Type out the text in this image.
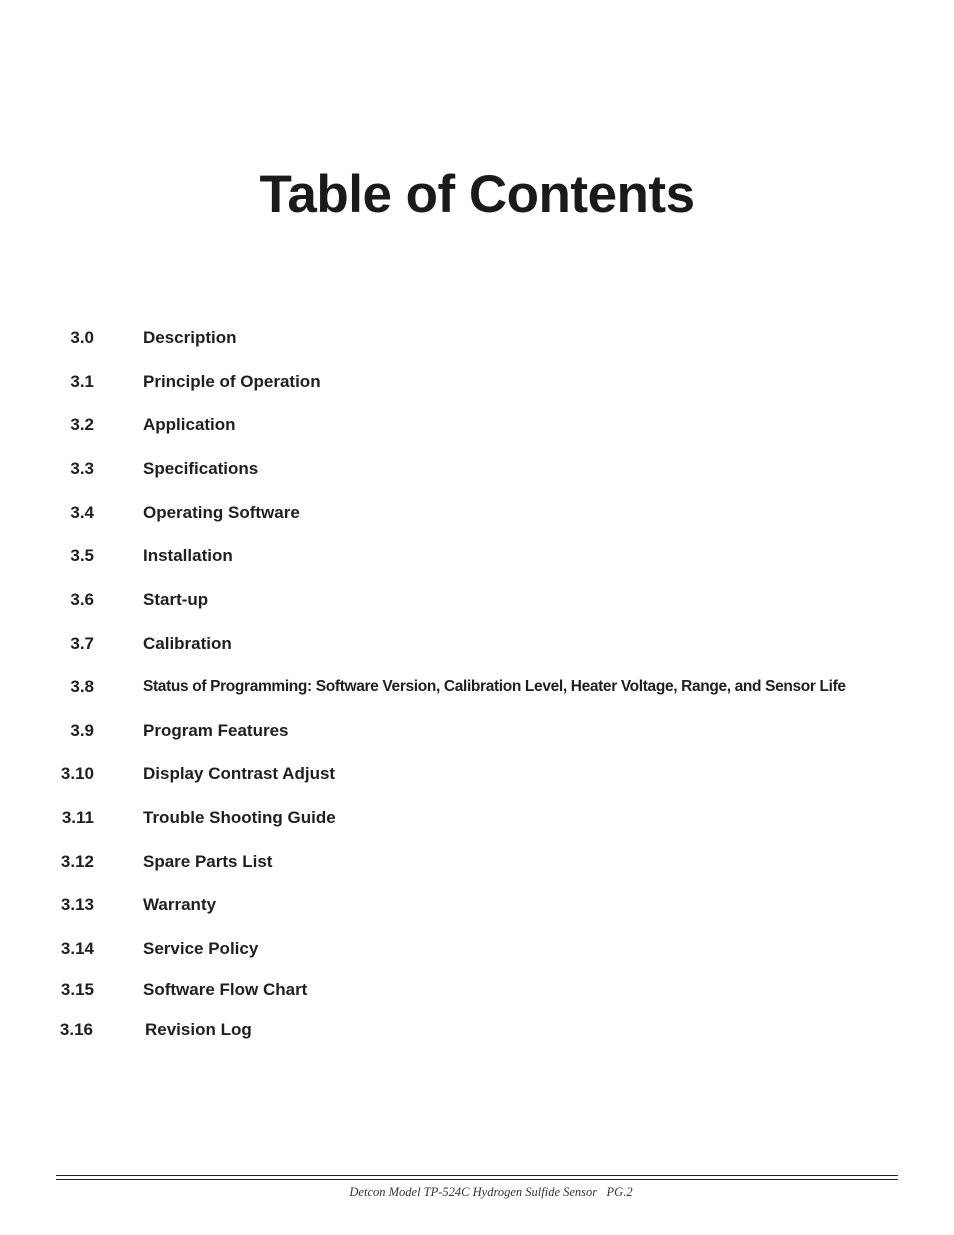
Table of Contents
3.0	Description
3.1	Principle of Operation
3.2	Application
3.3	Specifications
3.4	Operating Software
3.5	Installation
3.6	Start-up
3.7	Calibration
3.8	Status of Programming: Software Version, Calibration Level, Heater Voltage, Range, and Sensor Life
3.9	Program Features
3.10	Display Contrast Adjust
3.11	Trouble Shooting Guide
3.12	Spare Parts List
3.13	Warranty
3.14	Service Policy
3.15	Software Flow Chart
3.16	Revision Log
Detcon Model TP-524C Hydrogen Sulfide Sensor   PG.2
